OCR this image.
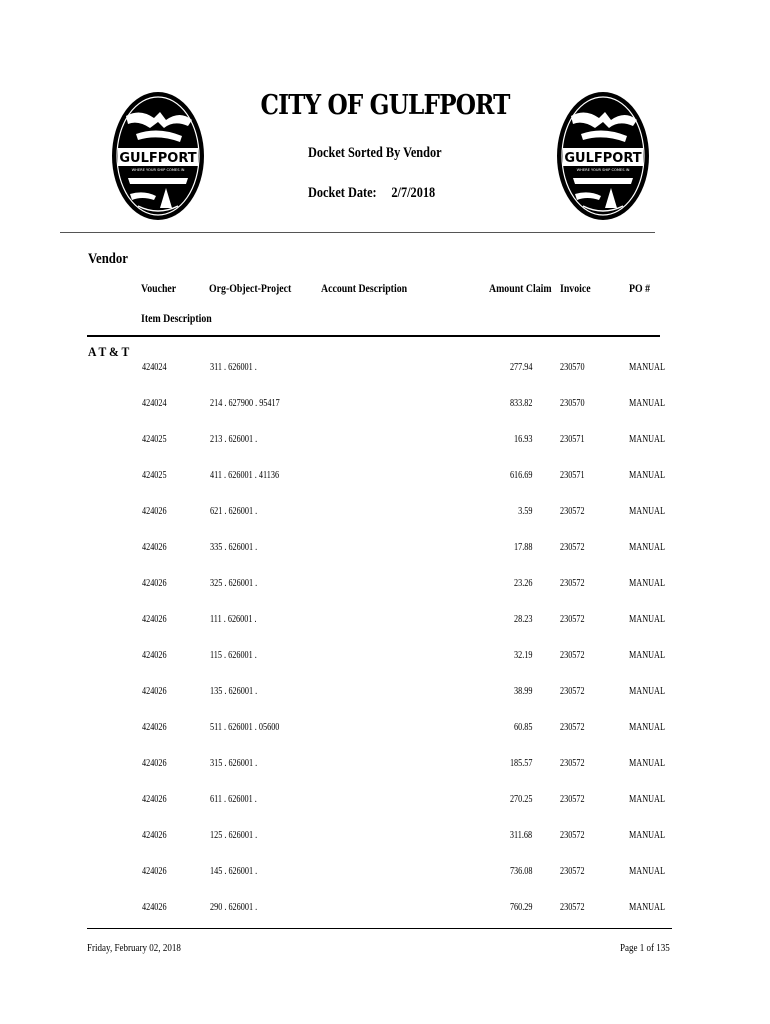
GULFPORT
WHERE YOUR SHIP COMES IN
GULFPORT
WHERE YOUR SHIP COMES IN
CITY OF GULFPORT
Docket Sorted By Vendor
Docket Date: 2/7/2018
Vendor
Voucher	Org-Object-Project Account Description	Amount Claim Invoice	PO #
Item Description
A T & T
424024	311 . 626001 .	277.94	230570	MANUAL
424024	214 . 627900 . 95417	833.82	230570	MANUAL
424025	213 . 626001 .	16.93	230571	MANUAL
424025	411 . 626001 . 41136	616.69	230571	MANUAL
424026	621 . 626001 .	3.59	230572	MANUAL
424026	335 . 626001 .	17.88	230572	MANUAL
424026	325 . 626001 .	23.26	230572	MANUAL
424026	111 . 626001 .	28.23	230572	MANUAL
424026	115 . 626001 .	32.19	230572	MANUAL
424026	135 . 626001 .	38.99	230572	MANUAL
424026	511 . 626001 . 05600	60.85	230572	MANUAL
424026	315 . 626001 .	185.57	230572	MANUAL
424026	611 . 626001 .	270.25	230572	MANUAL
424026	125 . 626001 .	311.68	230572	MANUAL
424026	145 . 626001 .	736.08	230572	MANUAL
424026	290 . 626001 .	760.29	230572	MANUAL
Friday, February 02, 2018	Page 1 of 135
